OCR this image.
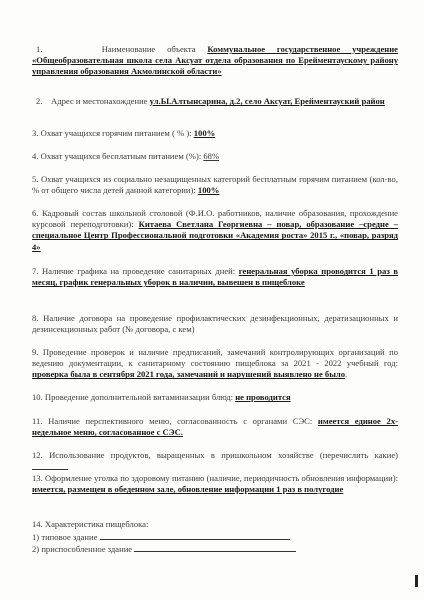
1.	Наименование объекта Коммунальное государственное учреждение «Общеобразовательная школа села Аксуат отдела образования по Ерейментаускому району управления образования Акмолинской области»
2. Адрес и местонахождение ул.Ы.Алтынсарина, д.2, село Аксуат, Ерейментауский район
3. Охват учащихся горячим питанием ( % ): 100%
4. Охват учащихся бесплатным питанием (%): 68%
5. Охват учащихся из социально незащищенных категорий бесплатным горячим питанием (кол-во, % от общего числа детей данной категории): 100%
6. Кадровый состав школьной столовой (Ф.И.О. работников, наличие образования, прохождение курсовой переподготовки): Китаева Светлана Георгиевна – повар, образование –средне – специальное Центр Профессиональной подготовки «Академия роста» 2015 г., «повар, разряд 4»
7. Наличие графика на проведение санитарных дней: генеральная уборка проводится 1 раз в месяц, график генеральных уборок в наличии, вывешен в пищеблоке
8. Наличие договора на проведение профилактических дезинфекционных, дератизационных и дезинсекционных работ (№ договора, с кем)
9. Проведение проверок и наличие предписаний, замечаний контролирующих организаций по ведению документации, к санитарному состоянию пищеблока за 2021 - 2022 учебный год: проверка была в сентября 2021 года, замечаний и нарушений выявлено не было.
10. Проведение дополнительной витаминизации блюд: не проводится
11. Наличие перспективного меню, согласованность с органами СЭС: имеется единое 2х-недельное меню, согласованное с СЭС.
12. Использование продуктов, выращенных в пришкольном хозяйстве (перечислить какие)
13. Оформление уголка по здоровому питанию (наличие, периодичность обновления информации): имеется, размещен в обеденном зале, обновление информации 1 раз в полугодие
14. Характеристика пищеблока:
1) типовое здание
2) приспособленное здание
